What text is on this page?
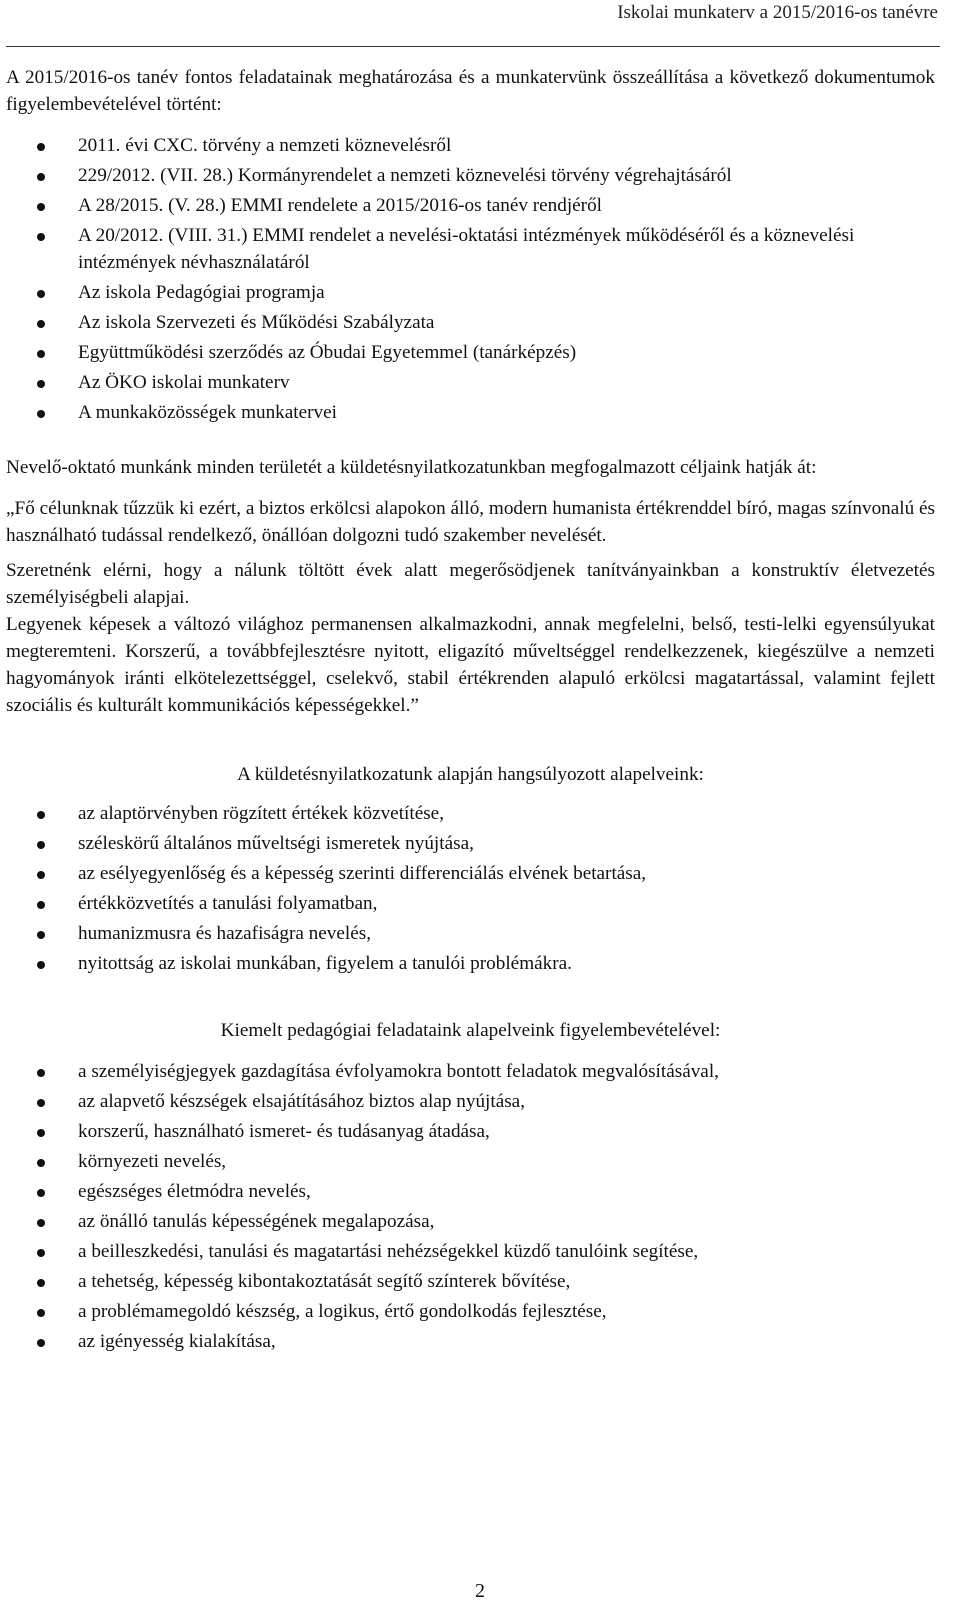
Iskolai munkaterv a 2015/2016-os tanévre

A 2015/2016-os tanév fontos feladatainak meghatározása és a munkatervünk összeállítása a következő dokumentumok figyelembevételével történt:

2011. évi CXC. törvény a nemzeti köznevelésről
229/2012. (VII. 28.) Kormányrendelet a nemzeti köznevelési törvény végrehajtásáról
A 28/2015. (V. 28.) EMMI rendelete a 2015/2016-os tanév rendjéről
A 20/2012. (VIII. 31.) EMMI rendelet a nevelési-oktatási intézmények működéséről és a köznevelési intézmények névhasználatáról
Az iskola Pedagógiai programja
Az iskola Szervezeti és Működési Szabályzata
Együttműködési szerződés az Óbudai Egyetemmel (tanárképzés)
Az ÖKO iskolai munkaterv
A munkaközösségek munkatervei

Nevelő-oktató munkánk minden területét a küldetésnyilatkozatunkban megfogalmazott céljaink hatják át:

„Fő célunknak tűzzük ki ezért, a biztos erkölcsi alapokon álló, modern humanista értékrenddel bíró, magas színvonalú és használható tudással rendelkező, önállóan dolgozni tudó szakember nevelését.

Szeretnénk elérni, hogy a nálunk töltött évek alatt megerősödjenek tanítványainkban a konstruktív életvezetés személyiségbeli alapjai.

Legyenek képesek a változó világhoz permanensen alkalmazkodni, annak megfelelni, belső, testi-lelki egyensúlyukat megteremteni. Korszerű, a továbbfejlesztésre nyitott, eligazító műveltséggel rendelkezzenek, kiegészülve a nemzeti hagyományok iránti elkötelezettséggel, cselekvő, stabil értékrenden alapuló erkölcsi magatartással, valamint fejlett szociális és kulturált kommunikációs képességekkel.”

A küldetésnyilatkozatunk alapján hangsúlyozott alapelveink:

az alaptörvényben rögzített értékek közvetítése,
széleskörű általános műveltségi ismeretek nyújtása,
az esélyegyenlőség és a képesség szerinti differenciálás elvének betartása,
értékközvetítés a tanulási folyamatban,
humanizmusra és hazafiságra nevelés,
nyitottság az iskolai munkában, figyelem a tanulói problémákra.

Kiemelt pedagógiai feladataink alapelveink figyelembevételével:

a személyiségjegyek gazdagítása évfolyamokra bontott feladatok megvalósításával,
az alapvető készségek elsajátításához biztos alap nyújtása,
korszerű, használható ismeret- és tudásanyag átadása,
környezeti nevelés,
egészséges életmódra nevelés,
az önálló tanulás képességének megalapozása,
a beilleszkedési, tanulási és magatartási nehézségekkel küzdő tanulóink segítése,
a tehetség, képesség kibontakoztatását segítő színterek bővítése,
a problémamegoldó készség, a logikus, értő gondolkodás fejlesztése,
az igényesség kialakítása,
2
